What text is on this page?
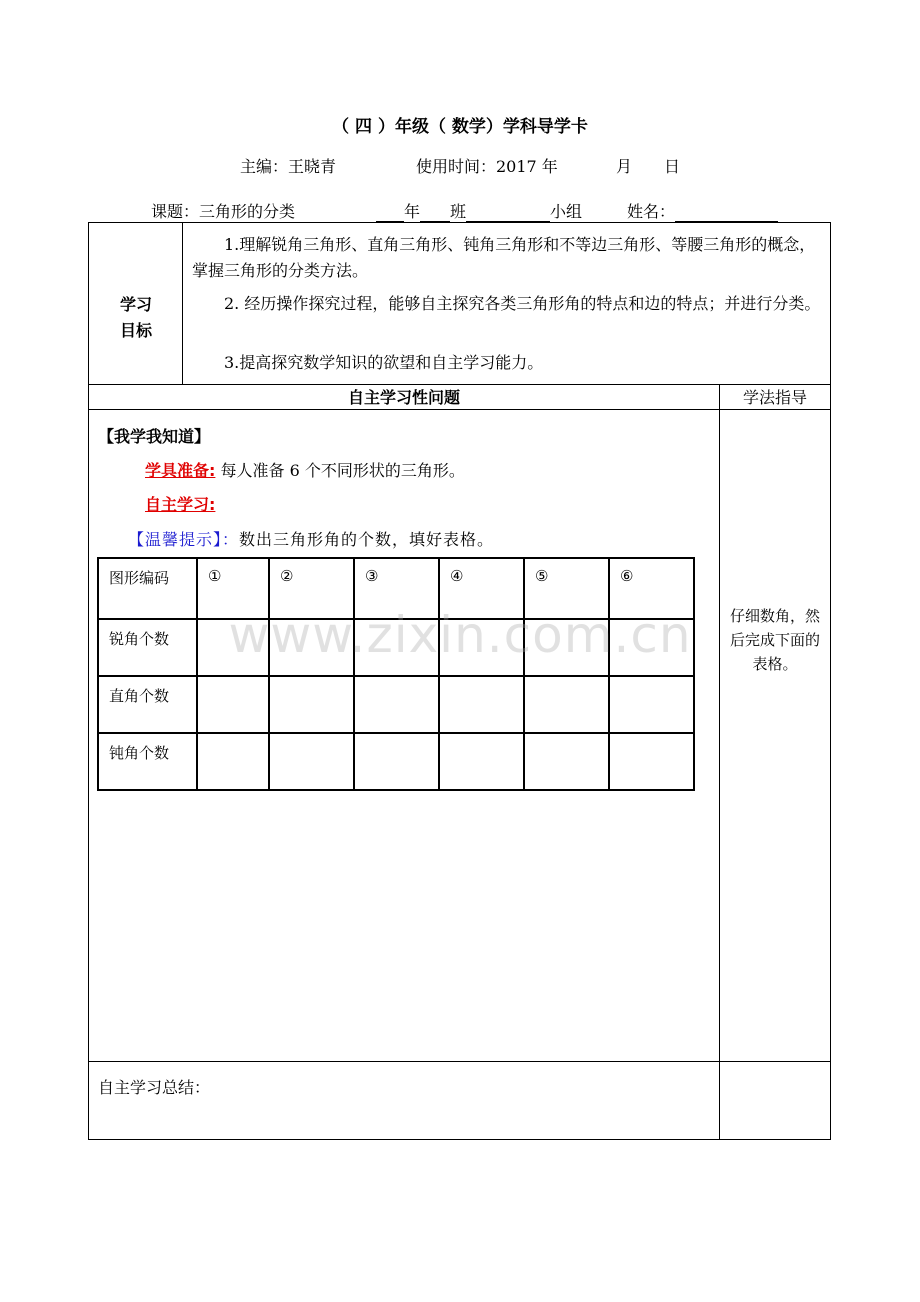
（ 四 ）年级（ 数学）学科导学卡
主编：王晓青	使用时间：2017 年	月 日
课题：三角形的分类	年 班	小组	姓名：
学习
目标
1.理解锐角三角形、直角三角形、钝角三角形和不等边三角形、等腰三角形的概念，掌握三角形的分类方法。
2. 经历操作探究过程，能够自主探究各类三角形角的特点和边的特点；并进行分类。
3.提高探究数学知识的欲望和自主学习能力。
自主学习性问题	学法指导
【我学我知道】
学具准备: 每人准备 6 个不同形状的三角形。
自主学习:
【温馨提示】：数出三角形角的个数，填好表格。
图形编码	①	②	③	④	⑤	⑥
锐角个数						
直角个数						
钝角个数						
www.zixin.com.cn	仔细数角，然后完成下面的表格。
自主学习总结：
